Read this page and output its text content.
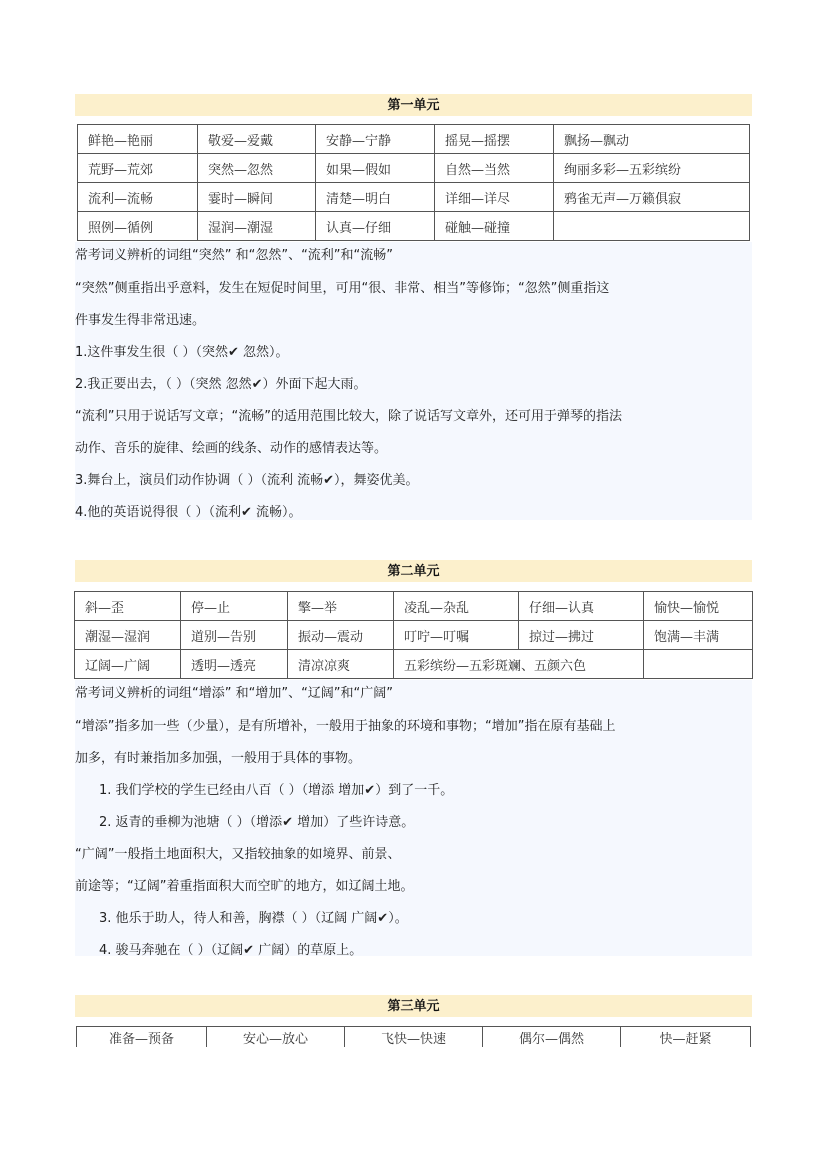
第一单元
鲜艳—艳丽	敬爱—爱戴	安静—宁静	摇晃—摇摆	飘扬—飘动
荒野—荒郊	突然—忽然	如果—假如	自然—当然	绚丽多彩—五彩缤纷
流利—流畅	霎时—瞬间	清楚—明白	详细—详尽	鸦雀无声—万籁俱寂
照例—循例	湿润—潮湿	认真—仔细	碰触—碰撞	
常考词义辨析的词组“突然” 和“忽然”、“流利”和“流畅”
“突然”侧重指出乎意料，发生在短促时间里，可用“很、非常、相当”等修饰；“忽然”侧重指这
件事发生得非常迅速。
1.这件事发生很（ ）（突然✔ 忽然）。
2.我正要出去，（ ）（突然 忽然✔）外面下起大雨。
“流利”只用于说话写文章；“流畅”的适用范围比较大，除了说话写文章外，还可用于弹琴的指法
动作、音乐的旋律、绘画的线条、动作的感情表达等。
3.舞台上，演员们动作协调（ ）（流利 流畅✔），舞姿优美。
4.他的英语说得很（ ）（流利✔ 流畅）。
第二单元
斜—歪	停—止	擎—举	凌乱—杂乱	仔细—认真	愉快—愉悦
潮湿—湿润	道别—告别	振动—震动	叮咛—叮嘱	掠过—拂过	饱满—丰满
辽阔—广阔	透明—透亮	清凉凉爽	五彩缤纷—五彩斑斓、五颜六色		
常考词义辨析的词组“增添” 和“增加”、“辽阔”和“广阔”
“增添”指多加一些（少量），是有所增补，一般用于抽象的环境和事物；“增加”指在原有基础上
加多，有时兼指加多加强，一般用于具体的事物。
1. 我们学校的学生已经由八百（ ）（增添 增加✔）到了一千。
2. 返青的垂柳为池塘（ ）（增添✔ 增加）了些许诗意。
“广阔”一般指土地面积大，又指较抽象的如境界、前景、
前途等；“辽阔”着重指面积大而空旷的地方，如辽阔土地。
3. 他乐于助人，待人和善，胸襟（ ）（辽阔 广阔✔）。
4. 骏马奔驰在（ ）（辽阔✔ 广阔）的草原上。
第三单元
准备—预备	安心—放心	飞快—快速	偶尔—偶然	快—赶紧
